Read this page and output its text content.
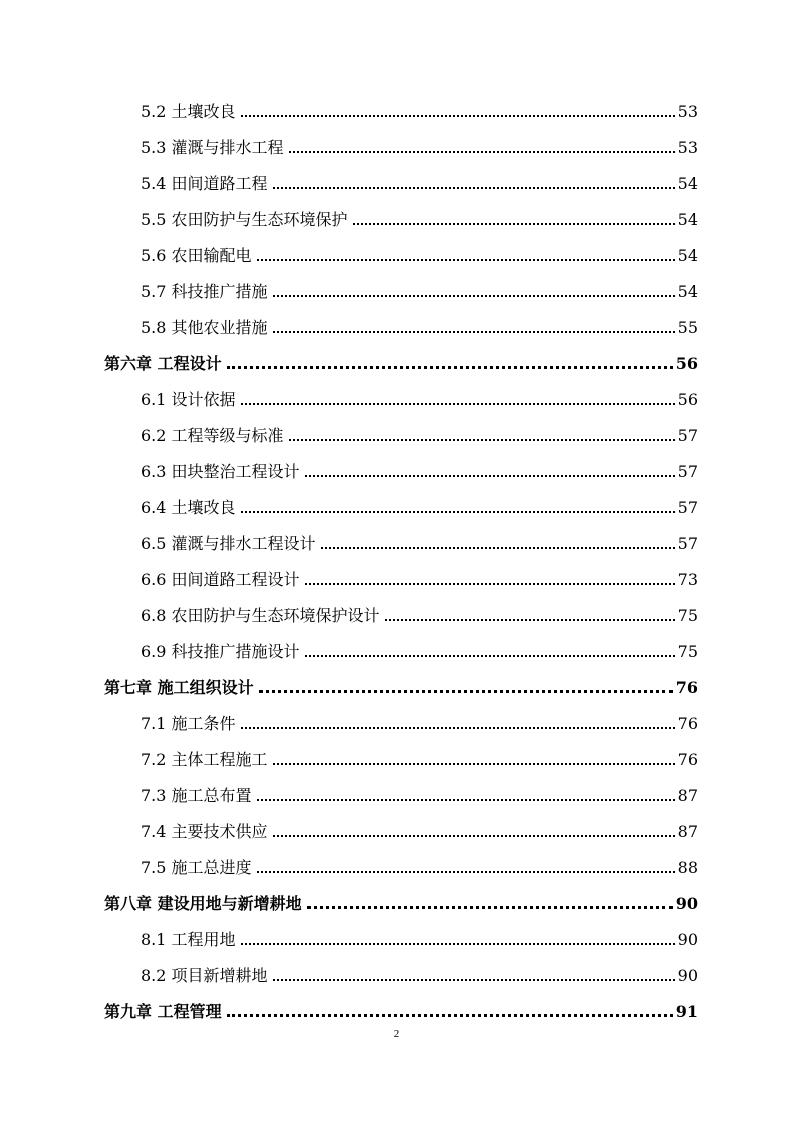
5.2 土壤改良	53
5.3 灌溉与排水工程	53
5.4 田间道路工程	54
5.5 农田防护与生态环境保护	54
5.6 农田输配电	54
5.7 科技推广措施	54
5.8 其他农业措施	55
第六章 工程设计	56
6.1 设计依据	56
6.2 工程等级与标准	57
6.3 田块整治工程设计	57
6.4 土壤改良	57
6.5 灌溉与排水工程设计	57
6.6 田间道路工程设计	73
6.8 农田防护与生态环境保护设计	75
6.9 科技推广措施设计	75
第七章 施工组织设计	76
7.1 施工条件	76
7.2 主体工程施工	76
7.3 施工总布置	87
7.4 主要技术供应	87
7.5 施工总进度	88
第八章 建设用地与新增耕地	90
8.1 工程用地	90
8.2 项目新增耕地	90
第九章 工程管理	91
2
